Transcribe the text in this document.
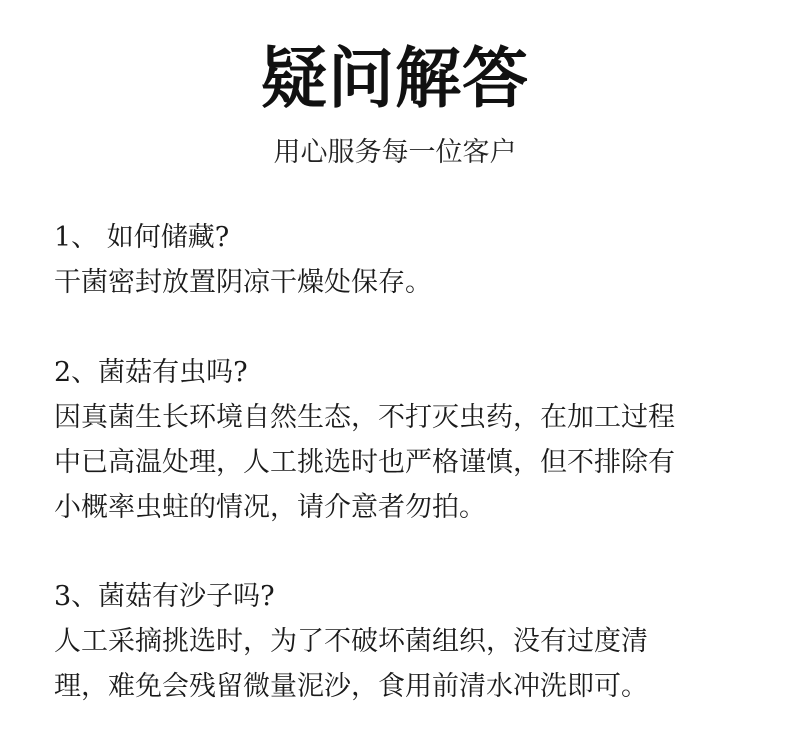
疑问解答
用心服务每一位客户
1、 如何储藏?
干菌密封放置阴凉干燥处保存。
2、菌菇有虫吗?
因真菌生长环境自然生态，不打灭虫药，在加工过程
中已高温处理，人工挑选时也严格谨慎，但不排除有
小概率虫蛀的情况，请介意者勿拍。
3、菌菇有沙子吗?
人工采摘挑选时，为了不破坏菌组织，没有过度清
理，难免会残留微量泥沙，食用前清水冲洗即可。
